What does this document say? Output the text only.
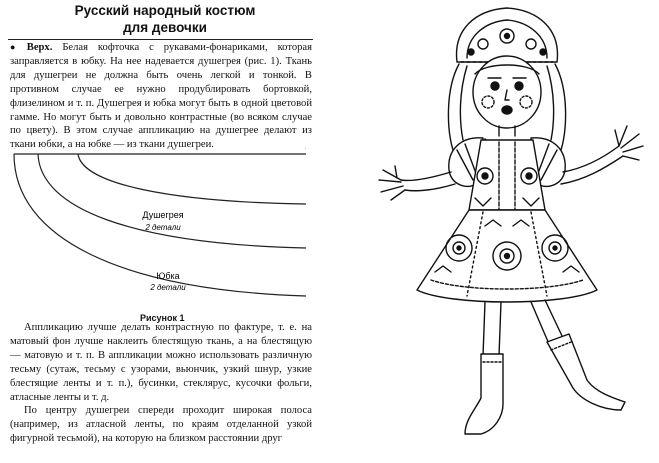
Русский народный костюм
для девочки

● Верх. Белая кофточка с рукавами-фонариками, которая заправляется в юбку. На нее надевается душегрея (рис. 1). Ткань для душегреи не должна быть очень легкой и тонкой. В противном случае ее нужно продублировать бортовкой, флизелином и т. п. Душегрея и юбка могут быть в одной цветовой гамме. Но могут быть и довольно контрастные (во всяком случае по цвету). В этом случае аппликацию на душегрее делают из ткани юбки, а на юбке — из ткани душегреи.

Душегрея
2 детали
Юбка
2 детали
Рисунок 1

Аппликацию лучше делать контрастную по фактуре, т. е. на матовый фон лучше наклеить блестящую ткань, а на блестящую — матовую и т. п. В аппликации можно использовать различную тесьму (сутаж, тесьму с узорами, вьюнчик, узкий шнур, узкие блестящие ленты и т. п.), бусинки, стеклярус, кусочки фольги, атласные ленты и т. д.

По центру душегреи спереди проходит широкая полоса (например, из атласной ленты, по краям отделанной узкой фигурной тесьмой), на которую на близком расстоянии друг
